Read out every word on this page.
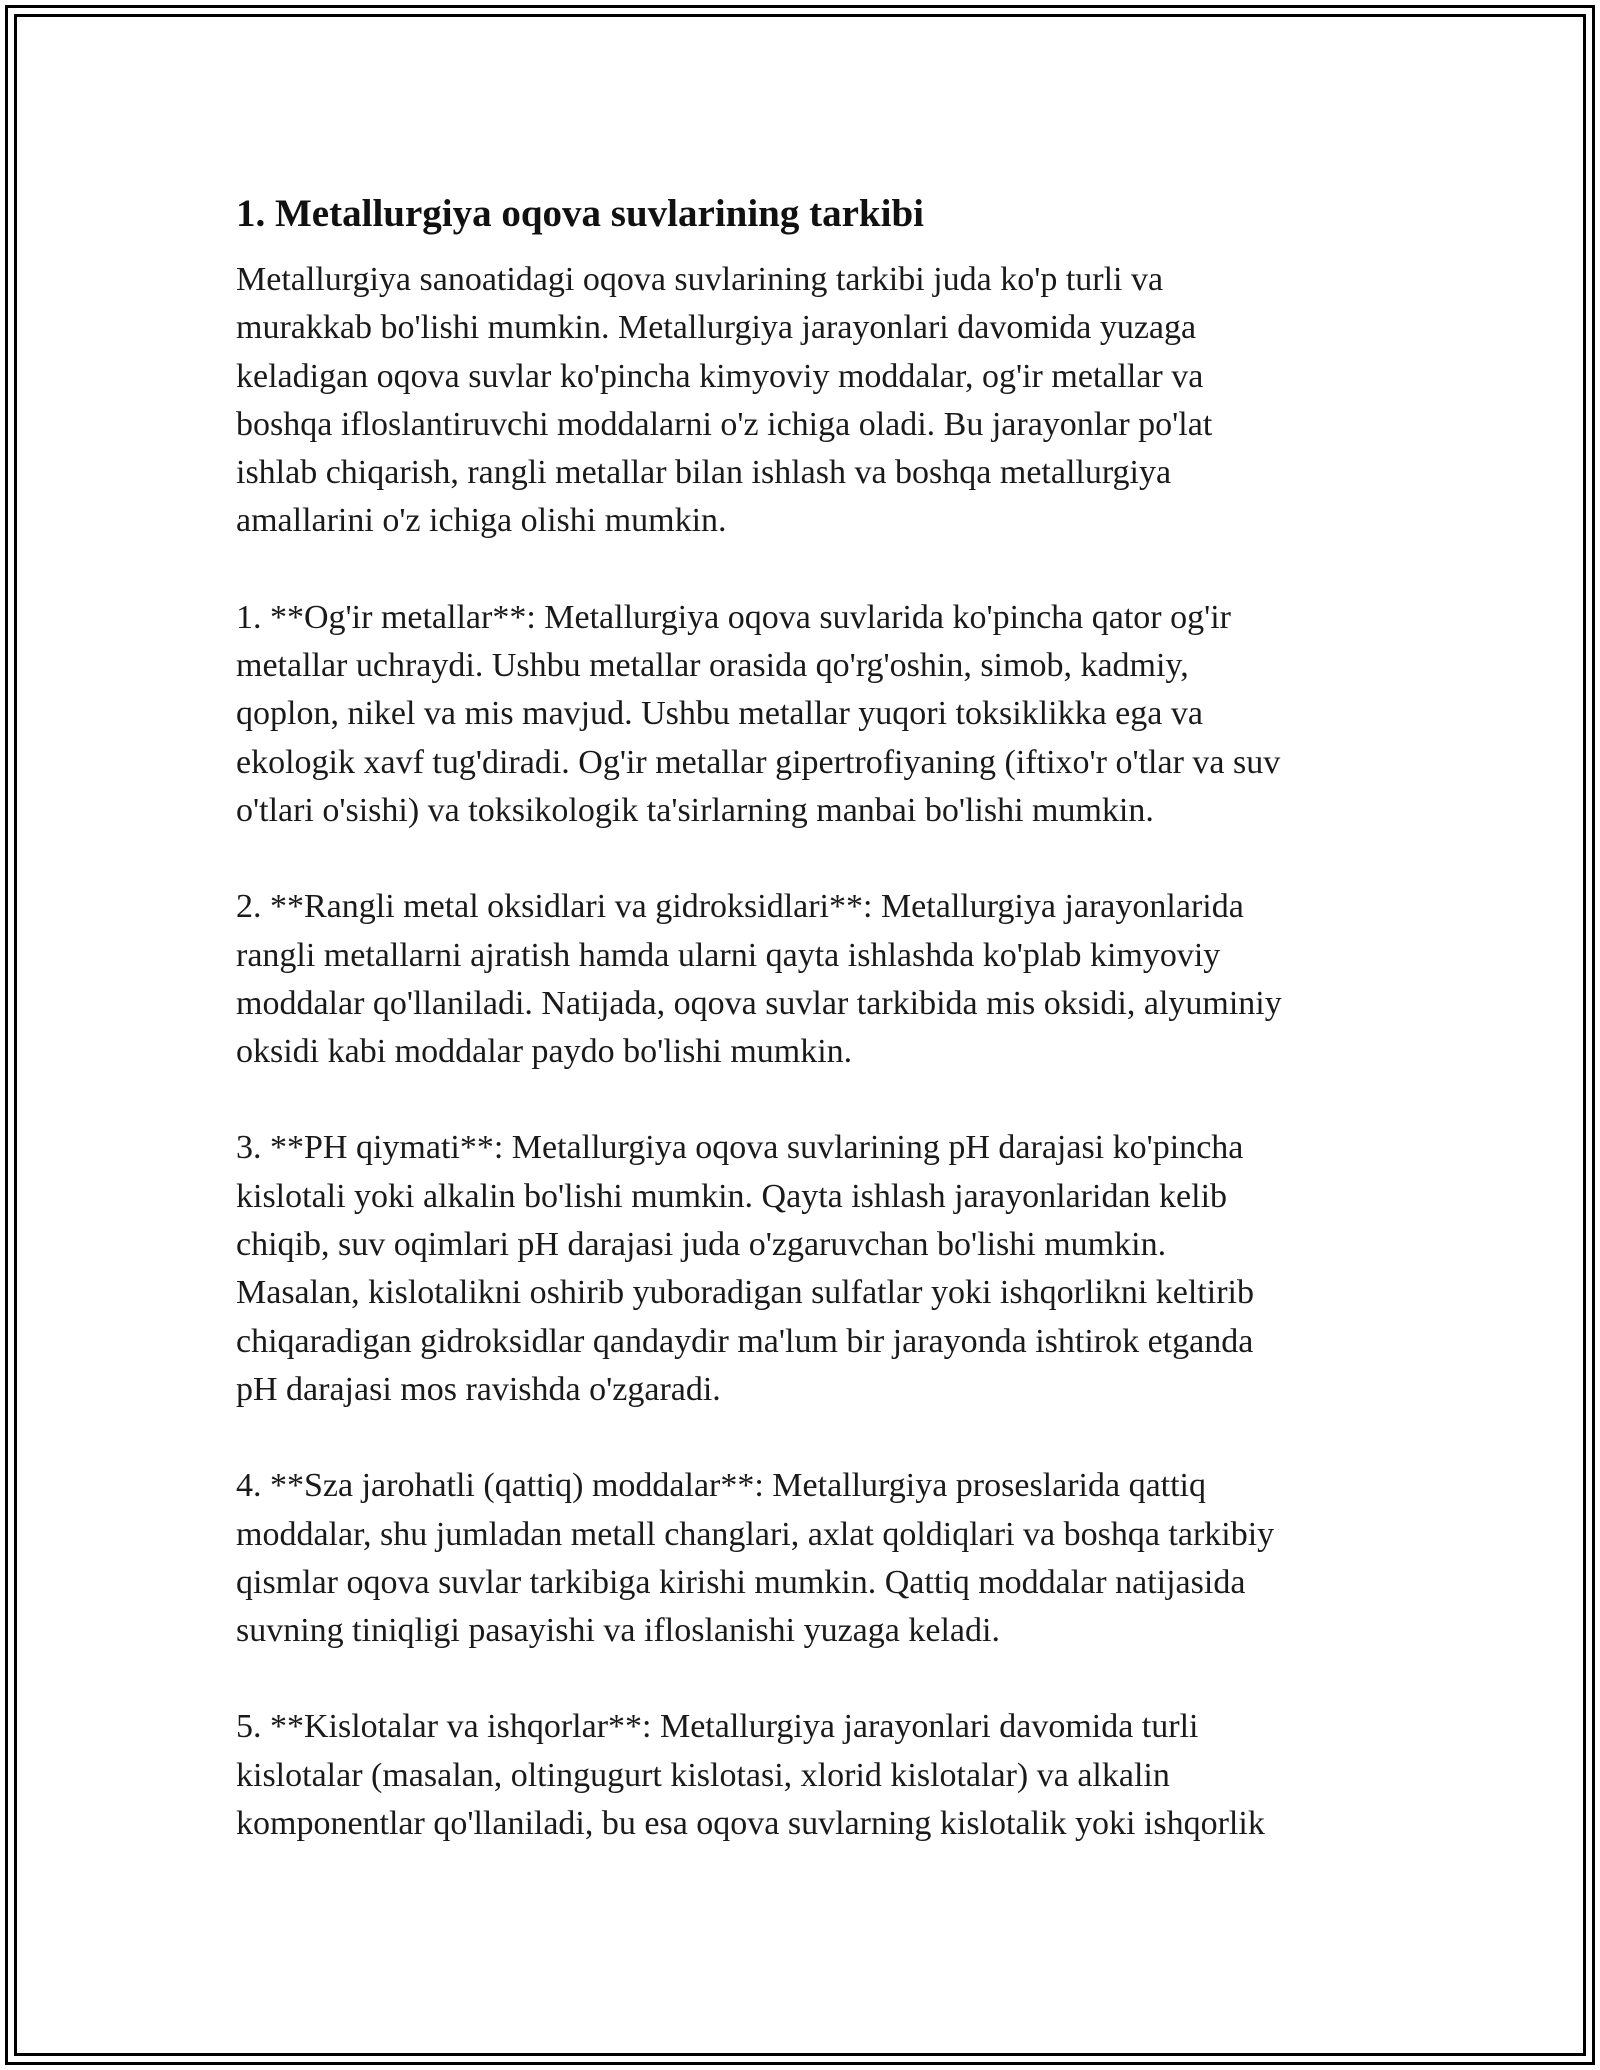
1. Metallurgiya oqova suvlarining tarkibi

Metallurgiya sanoatidagi oqova suvlarining tarkibi juda ko'p turli va
murakkab bo'lishi mumkin. Metallurgiya jarayonlari davomida yuzaga
keladigan oqova suvlar ko'pincha kimyoviy moddalar, og'ir metallar va
boshqa ifloslantiruvchi moddalarni o'z ichiga oladi. Bu jarayonlar po'lat
ishlab chiqarish, rangli metallar bilan ishlash va boshqa metallurgiya
amallarini o'z ichiga olishi mumkin.

1. **Og'ir metallar**: Metallurgiya oqova suvlarida ko'pincha qator og'ir
metallar uchraydi. Ushbu metallar orasida qo'rg'oshin, simob, kadmiy,
qoplon, nikel va mis mavjud. Ushbu metallar yuqori toksiklikka ega va
ekologik xavf tug'diradi. Og'ir metallar gipertrofiyaning (iftixo'r o'tlar va suv
o'tlari o'sishi) va toksikologik ta'sirlarning manbai bo'lishi mumkin.

2. **Rangli metal oksidlari va gidroksidlari**: Metallurgiya jarayonlarida
rangli metallarni ajratish hamda ularni qayta ishlashda ko'plab kimyoviy
moddalar qo'llaniladi. Natijada, oqova suvlar tarkibida mis oksidi, alyuminiy
oksidi kabi moddalar paydo bo'lishi mumkin.

3. **PH qiymati**: Metallurgiya oqova suvlarining pH darajasi ko'pincha
kislotali yoki alkalin bo'lishi mumkin. Qayta ishlash jarayonlaridan kelib
chiqib, suv oqimlari pH darajasi juda o'zgaruvchan bo'lishi mumkin.
Masalan, kislotalikni oshirib yuboradigan sulfatlar yoki ishqorlikni keltirib
chiqaradigan gidroksidlar qandaydir ma'lum bir jarayonda ishtirok etganda
pH darajasi mos ravishda o'zgaradi.

4. **Sza jarohatli (qattiq) moddalar**: Metallurgiya proseslarida qattiq
moddalar, shu jumladan metall changlari, axlat qoldiqlari va boshqa tarkibiy
qismlar oqova suvlar tarkibiga kirishi mumkin. Qattiq moddalar natijasida
suvning tiniqligi pasayishi va ifloslanishi yuzaga keladi.

5. **Kislotalar va ishqorlar**: Metallurgiya jarayonlari davomida turli
kislotalar (masalan, oltingugurt kislotasi, xlorid kislotalar) va alkalin
komponentlar qo'llaniladi, bu esa oqova suvlarning kislotalik yoki ishqorlik
